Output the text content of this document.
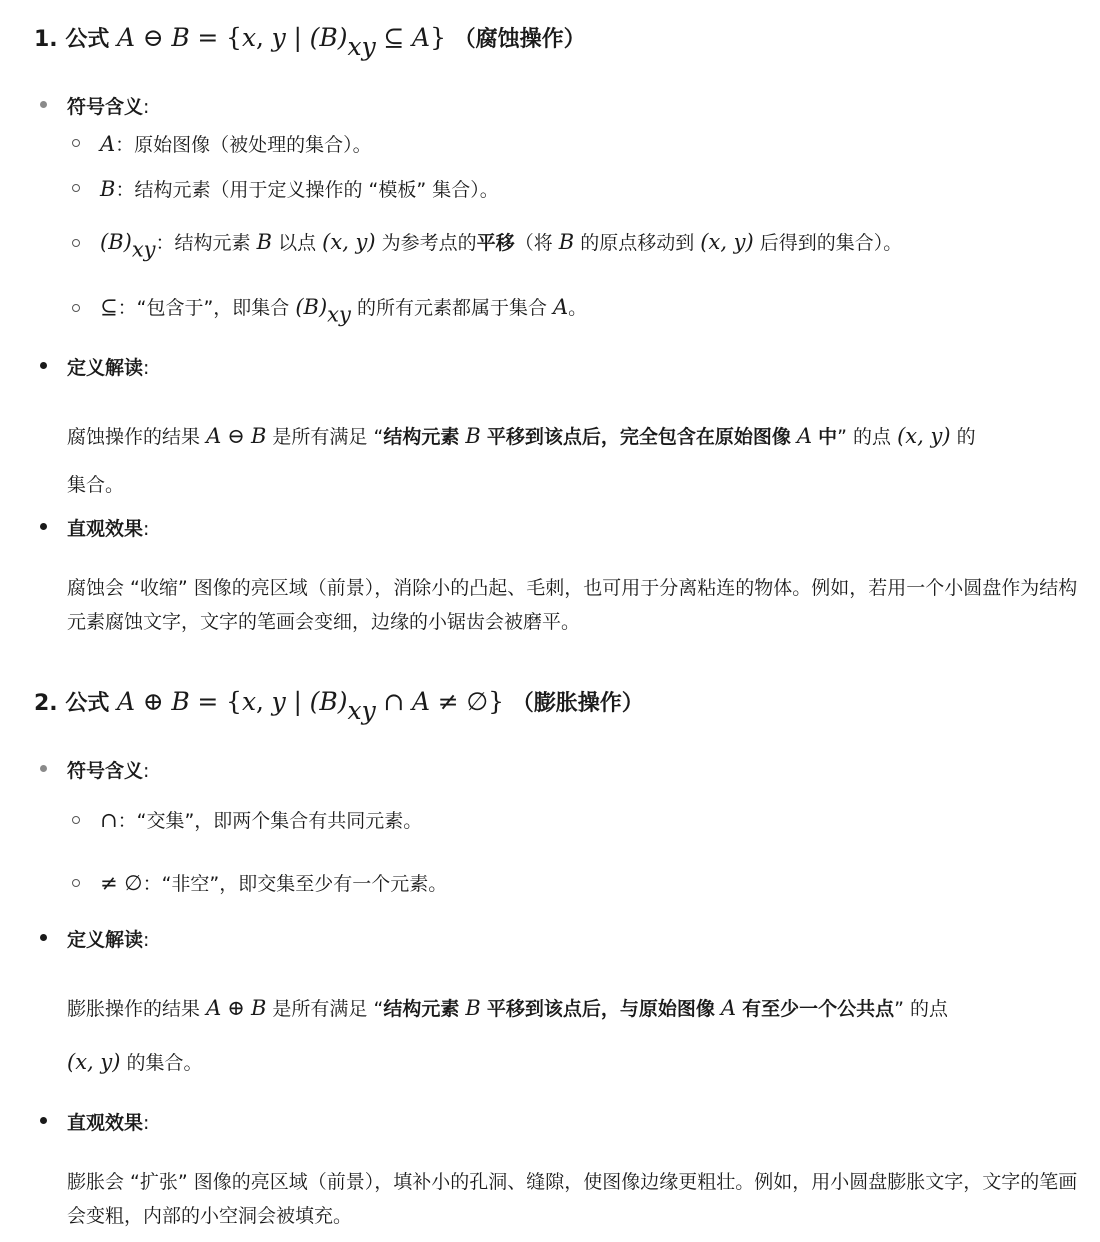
1. 公式 A ⊖ B = {x, y | $(B)_{xy}$ ⊆ A} （腐蚀操作）
符号含义:
A：原始图像（被处理的集合）。
B：结构元素（用于定义操作的 “模板” 集合）。
$(B)_{xy}$：结构元素 B 以点 (x, y) 为参考点的平移（将 B 的原点移动到 (x, y) 后得到的集合）。
⊆：“包含于”，即集合 $(B)_{xy}$ 的所有元素都属于集合 A。
定义解读:
腐蚀操作的结果 A ⊖ B 是所有满足 “结构元素 B 平移到该点后，完全包含在原始图像 A 中” 的点 (x, y) 的
集合。
直观效果:
腐蚀会 “收缩” 图像的亮区域（前景），消除小的凸起、毛刺，也可用于分离粘连的物体。例如，若用一个小圆盘作为结构元素腐蚀文字，文字的笔画会变细，边缘的小锯齿会被磨平。
2. 公式 A ⊕ B = {x, y | $(B)_{xy}$ ∩ A ≠ ∅} （膨胀操作）
符号含义:
∩：“交集”，即两个集合有共同元素。
≠ ∅：“非空”，即交集至少有一个元素。
定义解读:
膨胀操作的结果 A ⊕ B 是所有满足 “结构元素 B 平移到该点后，与原始图像 A 有至少一个公共点” 的点
(x, y) 的集合。
直观效果:
膨胀会 “扩张” 图像的亮区域（前景），填补小的孔洞、缝隙，使图像边缘更粗壮。例如，用小圆盘膨胀文字，文字的笔画会变粗，内部的小空洞会被填充。
